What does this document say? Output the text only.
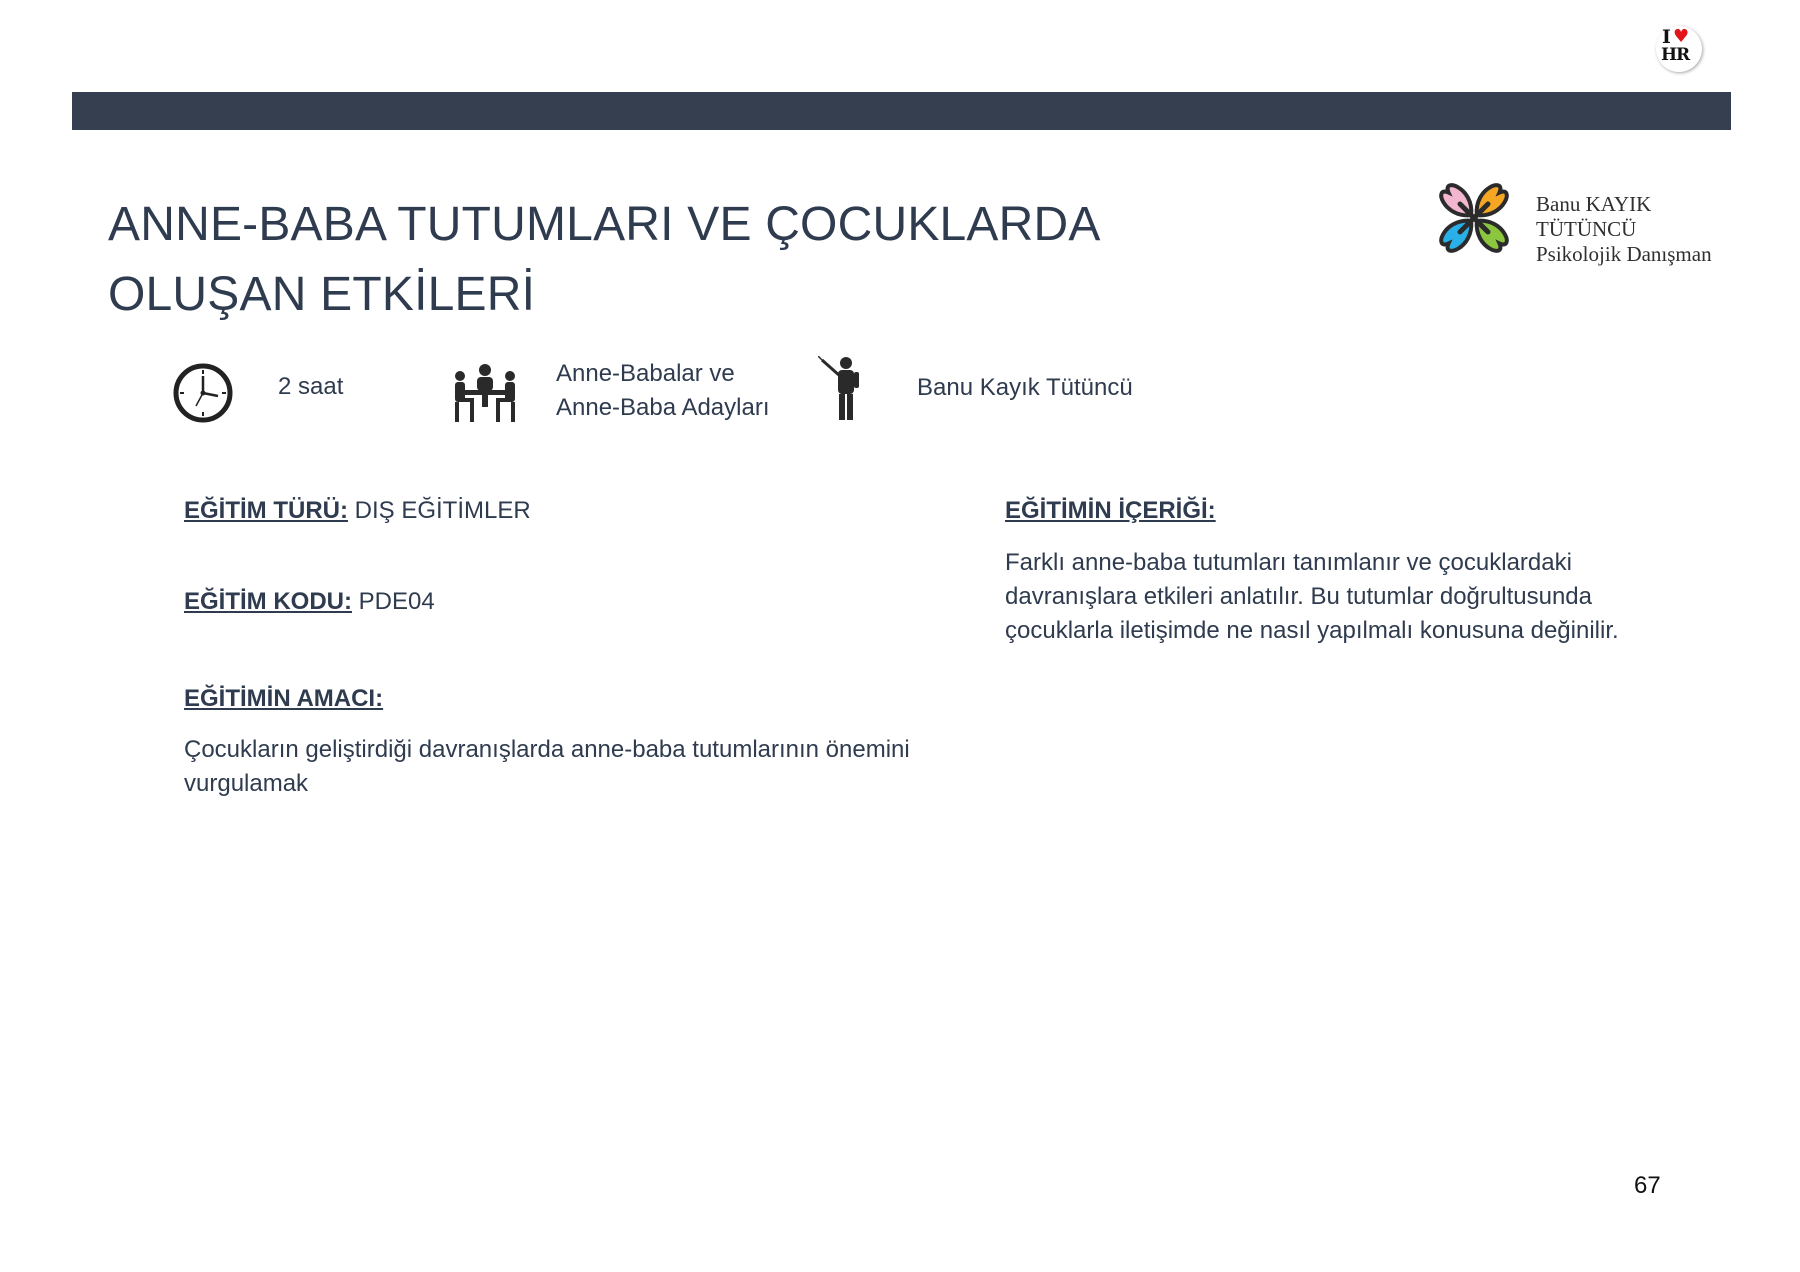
I ♥
HR
ANNE-BABA TUTUMLARI VE ÇOCUKLARDA OLUŞAN ETKİLERİ
Banu KAYIK
TÜTÜNCÜ
Psikolojik Danışman
2 saat	Anne-Babalar ve
Anne-Baba Adayları
Banu Kayık Tütüncü
EĞİTİM TÜRÜ: DIŞ EĞİTİMLER
EĞİTİM KODU: PDE04
EĞİTİMİN AMACI:
Çocukların geliştirdiği davranışlarda anne-baba tutumlarının önemini vurgulamak
EĞİTİMİN İÇERİĞİ:
Farklı anne-baba tutumları tanımlanır ve çocuklardaki davranışlara etkileri anlatılır. Bu tutumlar doğrultusunda çocuklarla iletişimde ne nasıl yapılmalı konusuna değinilir.
67
